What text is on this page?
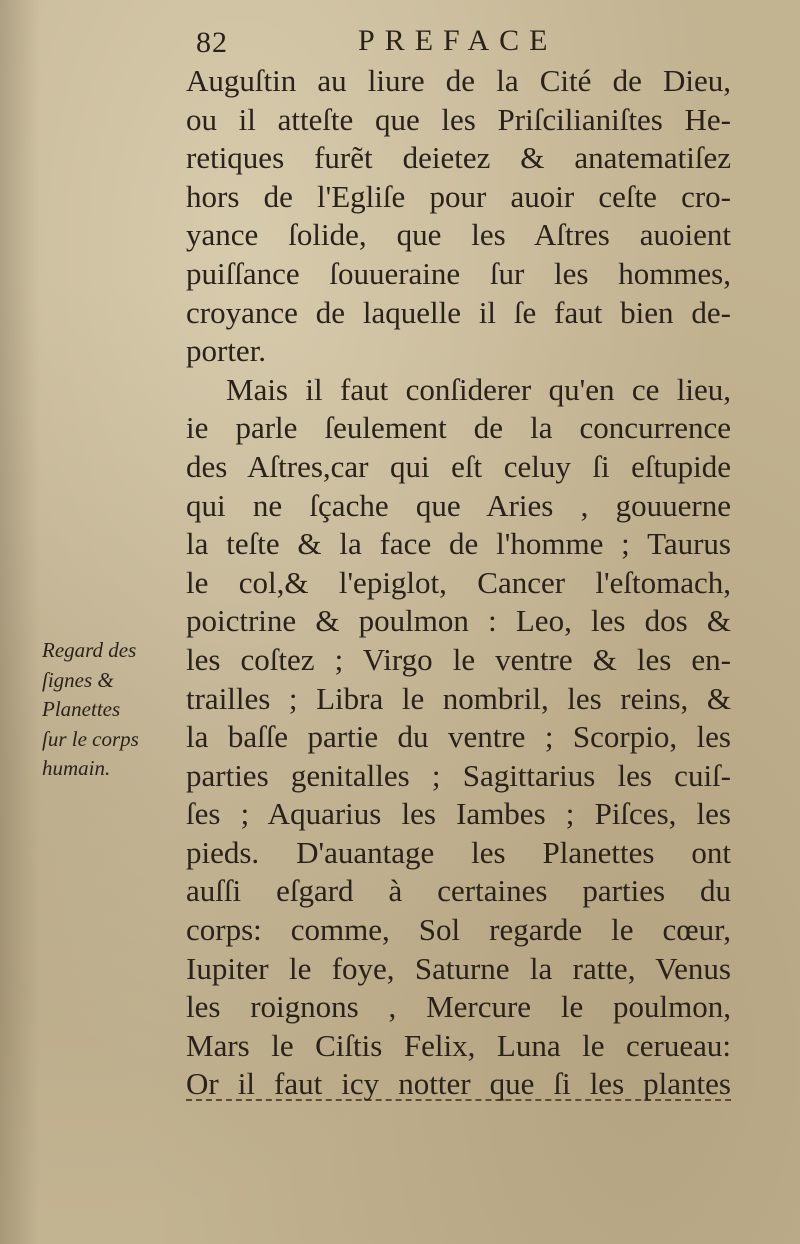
82	PREFACE
Auguſtin au liure de la Cité de Dieu,
ou il atteſte que les Priſcilianiſtes He-
retiques furẽt deietez & anatematiſez
hors de l'Egliſe pour auoir ceſte cro-
yance ſolide, que les Aſtres auoient
puiſſance ſouueraine ſur les hommes,
croyance de laquelle il ſe faut bien de-
porter.
Mais il faut conſiderer qu'en ce lieu,
ie parle ſeulement de la concurrence
des Aſtres,car qui eſt celuy ſi eſtupide
qui ne ſçache que Aries , gouuerne
la teſte & la face de l'homme ; Taurus
le col,& l'epiglot, Cancer l'eſtomach,
poictrine & poulmon : Leo, les dos &
les coſtez ; Virgo le ventre & les en-
trailles ; Libra le nombril, les reins, &
la baſſe partie du ventre ; Scorpio, les
parties genitalles ; Sagittarius les cuiſ-
ſes ; Aquarius les Iambes ; Piſces, les
pieds. D'auantage les Planettes ont
auſſi eſgard à certaines parties du
corps: comme, Sol regarde le cœur,
Iupiter le foye, Saturne la ratte, Venus
les roignons , Mercure le poulmon,
Mars le Ciſtis Felix, Luna le cerueau:
Or il faut icy notter que ſi les plantes
Regard des
ſignes &
Planettes
ſur le corps
humain.
